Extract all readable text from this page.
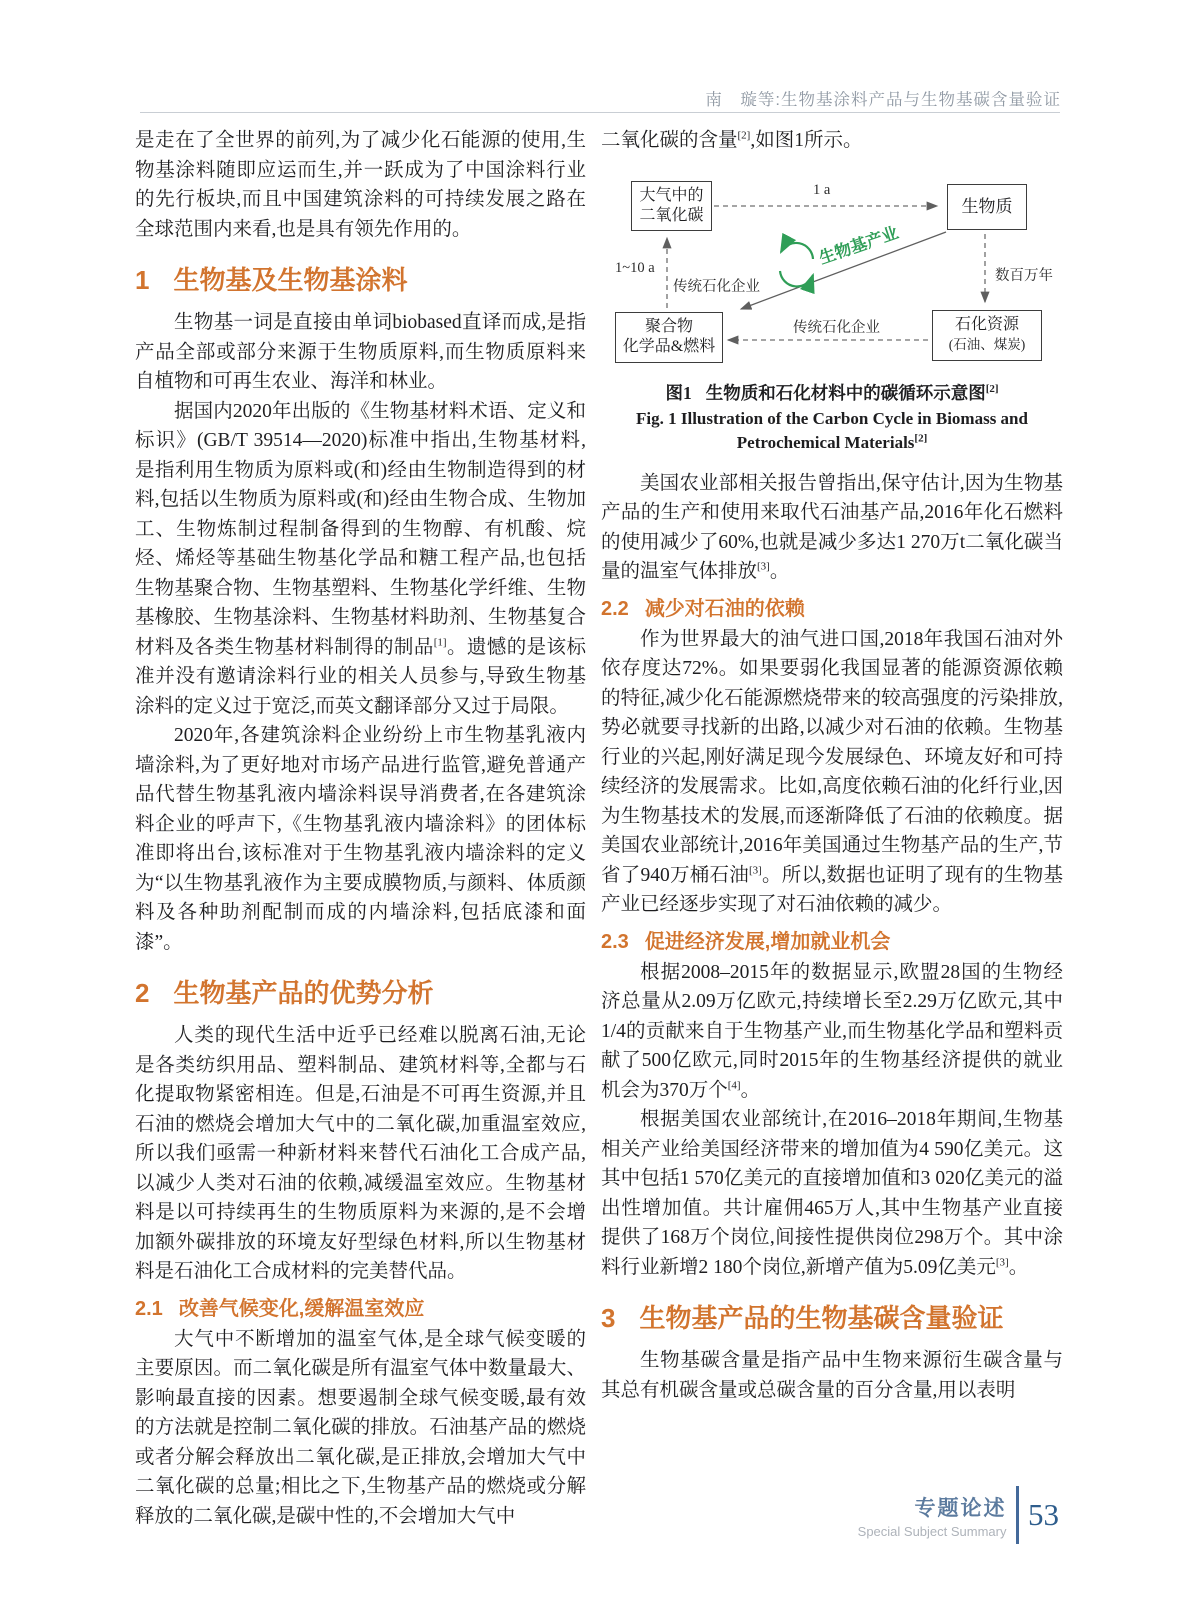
南　璇等:生物基涂料产品与生物基碳含量验证

是走在了全世界的前列,为了减少化石能源的使用,生物基涂料随即应运而生,并一跃成为了中国涂料行业的先行板块,而且中国建筑涂料的可持续发展之路在全球范围内来看,也是具有领先作用的。

1 生物基及生物基涂料

生物基一词是直接由单词biobased直译而成,是指产品全部或部分来源于生物质原料,而生物质原料来自植物和可再生农业、海洋和林业。

据国内2020年出版的《生物基材料术语、定义和标识》(GB/T 39514—2020)标准中指出,生物基材料,是指利用生物质为原料或(和)经由生物制造得到的材料,包括以生物质为原料或(和)经由生物合成、生物加工、生物炼制过程制备得到的生物醇、有机酸、烷烃、烯烃等基础生物基化学品和糖工程产品,也包括生物基聚合物、生物基塑料、生物基化学纤维、生物基橡胶、生物基涂料、生物基材料助剂、生物基复合材料及各类生物基材料制得的制品[1]。遗憾的是该标准并没有邀请涂料行业的相关人员参与,导致生物基涂料的定义过于宽泛,而英文翻译部分又过于局限。

2020年,各建筑涂料企业纷纷上市生物基乳液内墙涂料,为了更好地对市场产品进行监管,避免普通产品代替生物基乳液内墙涂料误导消费者,在各建筑涂料企业的呼声下,《生物基乳液内墙涂料》的团体标准即将出台,该标准对于生物基乳液内墙涂料的定义为“以生物基乳液作为主要成膜物质,与颜料、体质颜料及各种助剂配制而成的内墙涂料,包括底漆和面漆”。

2 生物基产品的优势分析

人类的现代生活中近乎已经难以脱离石油,无论是各类纺织用品、塑料制品、建筑材料等,全都与石化提取物紧密相连。但是,石油是不可再生资源,并且石油的燃烧会增加大气中的二氧化碳,加重温室效应,所以我们亟需一种新材料来替代石油化工合成产品,以减少人类对石油的依赖,减缓温室效应。生物基材料是以可持续再生的生物质原料为来源的,是不会增加额外碳排放的环境友好型绿色材料,所以生物基材料是石油化工合成材料的完美替代品。

2.1 改善气候变化,缓解温室效应

大气中不断增加的温室气体,是全球气候变暖的主要原因。而二氧化碳是所有温室气体中数量最大、影响最直接的因素。想要遏制全球气候变暖,最有效的方法就是控制二氧化碳的排放。石油基产品的燃烧或者分解会释放出二氧化碳,是正排放,会增加大气中二氧化碳的总量;相比之下,生物基产品的燃烧或分解释放的二氧化碳,是碳中性的,不会增加大气中

二氧化碳的含量[2],如图1所示。

大气中的
二氧化碳	生物质
聚合物
化学品&燃料
石化资源
(石油、煤炭)
1 a
数百万年
1~10 a
传统石化企业
传统石化企业
生物基产业
图1 生物质和石化材料中的碳循环示意图[2]
Fig. 1 Illustration of the Carbon Cycle in Biomass and
Petrochemical Materials[2]

美国农业部相关报告曾指出,保守估计,因为生物基产品的生产和使用来取代石油基产品,2016年化石燃料的使用减少了60%,也就是减少多达1 270万t二氧化碳当量的温室气体排放[3]。

2.2 减少对石油的依赖

作为世界最大的油气进口国,2018年我国石油对外依存度达72%。如果要弱化我国显著的能源资源依赖的特征,减少化石能源燃烧带来的较高强度的污染排放,势必就要寻找新的出路,以减少对石油的依赖。生物基行业的兴起,刚好满足现今发展绿色、环境友好和可持续经济的发展需求。比如,高度依赖石油的化纤行业,因为生物基技术的发展,而逐渐降低了石油的依赖度。据美国农业部统计,2016年美国通过生物基产品的生产,节省了940万桶石油[3]。所以,数据也证明了现有的生物基产业已经逐步实现了对石油依赖的减少。

2.3 促进经济发展,增加就业机会

根据2008–2015年的数据显示,欧盟28国的生物经济总量从2.09万亿欧元,持续增长至2.29万亿欧元,其中1/4的贡献来自于生物基产业,而生物基化学品和塑料贡献了500亿欧元,同时2015年的生物基经济提供的就业机会为370万个[4]。

根据美国农业部统计,在2016–2018年期间,生物基相关产业给美国经济带来的增加值为4 590亿美元。这其中包括1 570亿美元的直接增加值和3 020亿美元的溢出性增加值。共计雇佣465万人,其中生物基产业直接提供了168万个岗位,间接性提供岗位298万个。其中涂料行业新增2 180个岗位,新增产值为5.09亿美元[3]。

3 生物基产品的生物基碳含量验证

生物基碳含量是指产品中生物来源衍生碳含量与其总有机碳含量或总碳含量的百分含量,用以表明

专题论述
Special Subject Summary 53
